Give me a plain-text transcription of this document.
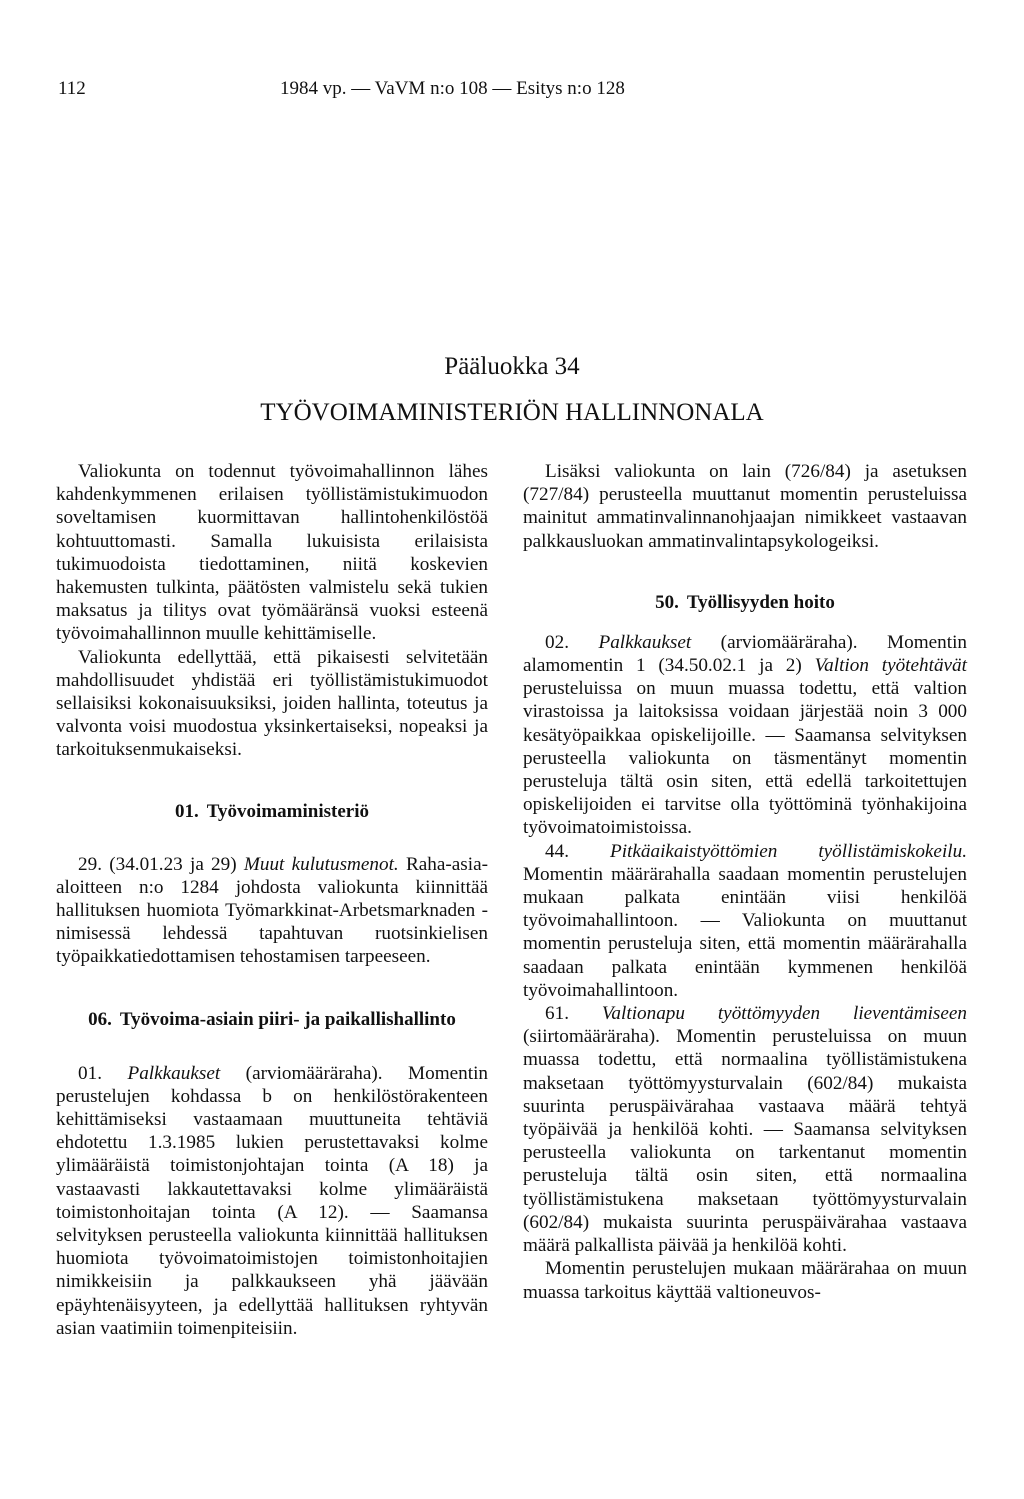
112	1984 vp. — VaVM n:o 108 — Esitys n:o 128
Pääluokka 34
TYÖVOIMAMINISTERIÖN HALLINNONALA

Valiokunta on todennut työvoimahallinnon lähes kahdenkymmenen erilaisen työllistämistukimuodon soveltamisen kuormittavan hallintohenkilöstöä kohtuuttomasti. Samalla lukuisista erilaisista tukimuodoista tiedottaminen, niitä koskevien hakemusten tulkinta, päätösten valmistelu sekä tukien maksatus ja tilitys ovat työmääränsä vuoksi esteenä työvoimahallinnon muulle kehittämiselle.

Valiokunta edellyttää, että pikaisesti selvitetään mahdollisuudet yhdistää eri työllistämistukimuodot sellaisiksi kokonaisuuksiksi, joiden hallinta, toteutus ja valvonta voisi muodostua yksinkertaiseksi, nopeaksi ja tarkoituksenmukaiseksi.

01. Työvoimaministeriö

29. (34.01.23 ja 29) Muut kulutusmenot. Raha-asia-aloitteen n:o 1284 johdosta valiokunta kiinnittää hallituksen huomiota Työmarkkinat-Arbetsmarknaden -nimisessä lehdessä tapahtuvan ruotsinkielisen työpaikkatiedottamisen tehostamisen tarpeeseen.

06. Työvoima-asiain piiri- ja paikallishallinto

01. Palkkaukset (arviomääräraha). Momentin perustelujen kohdassa b on henkilöstörakenteen kehittämiseksi vastaamaan muuttuneita tehtäviä ehdotettu 1.3.1985 lukien perustettavaksi kolme ylimääräistä toimistonjohtajan tointa (A 18) ja vastaavasti lakkautettavaksi kolme ylimääräistä toimistonhoitajan tointa (A 12). — Saamansa selvityksen perusteella valiokunta kiinnittää hallituksen huomiota työvoimatoimistojen toimistonhoitajien nimikkeisiin ja palkkaukseen yhä jäävään epäyhtenäisyyteen, ja edellyttää hallituksen ryhtyvän asian vaatimiin toimenpiteisiin.

Lisäksi valiokunta on lain (726/84) ja asetuksen (727/84) perusteella muuttanut momentin perusteluissa mainitut ammatinvalinnanohjaajan nimikkeet vastaavan palkkausluokan ammatinvalintapsykologeiksi.

50. Työllisyyden hoito

02. Palkkaukset (arviomääräraha). Momentin alamomentin 1 (34.50.02.1 ja 2) Valtion työtehtävät perusteluissa on muun muassa todettu, että valtion virastoissa ja laitoksissa voidaan järjestää noin 3 000 kesätyöpaikkaa opiskelijoille. — Saamansa selvityksen perusteella valiokunta on täsmentänyt momentin perusteluja tältä osin siten, että edellä tarkoitettujen opiskelijoiden ei tarvitse olla työttöminä työnhakijoina työvoimatoimistoissa.

44. Pitkäaikaistyöttömien työllistämiskokeilu. Momentin määrärahalla saadaan momentin perustelujen mukaan palkata enintään viisi henkilöä työvoimahallintoon. — Valiokunta on muuttanut momentin perusteluja siten, että momentin määrärahalla saadaan palkata enintään kymmenen henkilöä työvoimahallintoon.

61. Valtionapu työttömyyden lieventämiseen (siirtomääräraha). Momentin perusteluissa on muun muassa todettu, että normaalina työllistämistukena maksetaan työttömyysturvalain (602/84) mukaista suurinta peruspäivärahaa vastaava määrä tehtyä työpäivää ja henkilöä kohti. — Saamansa selvityksen perusteella valiokunta on tarkentanut momentin perusteluja tältä osin siten, että normaalina työllistämistukena maksetaan työttömyysturvalain (602/84) mukaista suurinta peruspäivärahaa vastaava määrä palkallista päivää ja henkilöä kohti.

Momentin perustelujen mukaan määrärahaa on muun muassa tarkoitus käyttää valtioneuvos-
